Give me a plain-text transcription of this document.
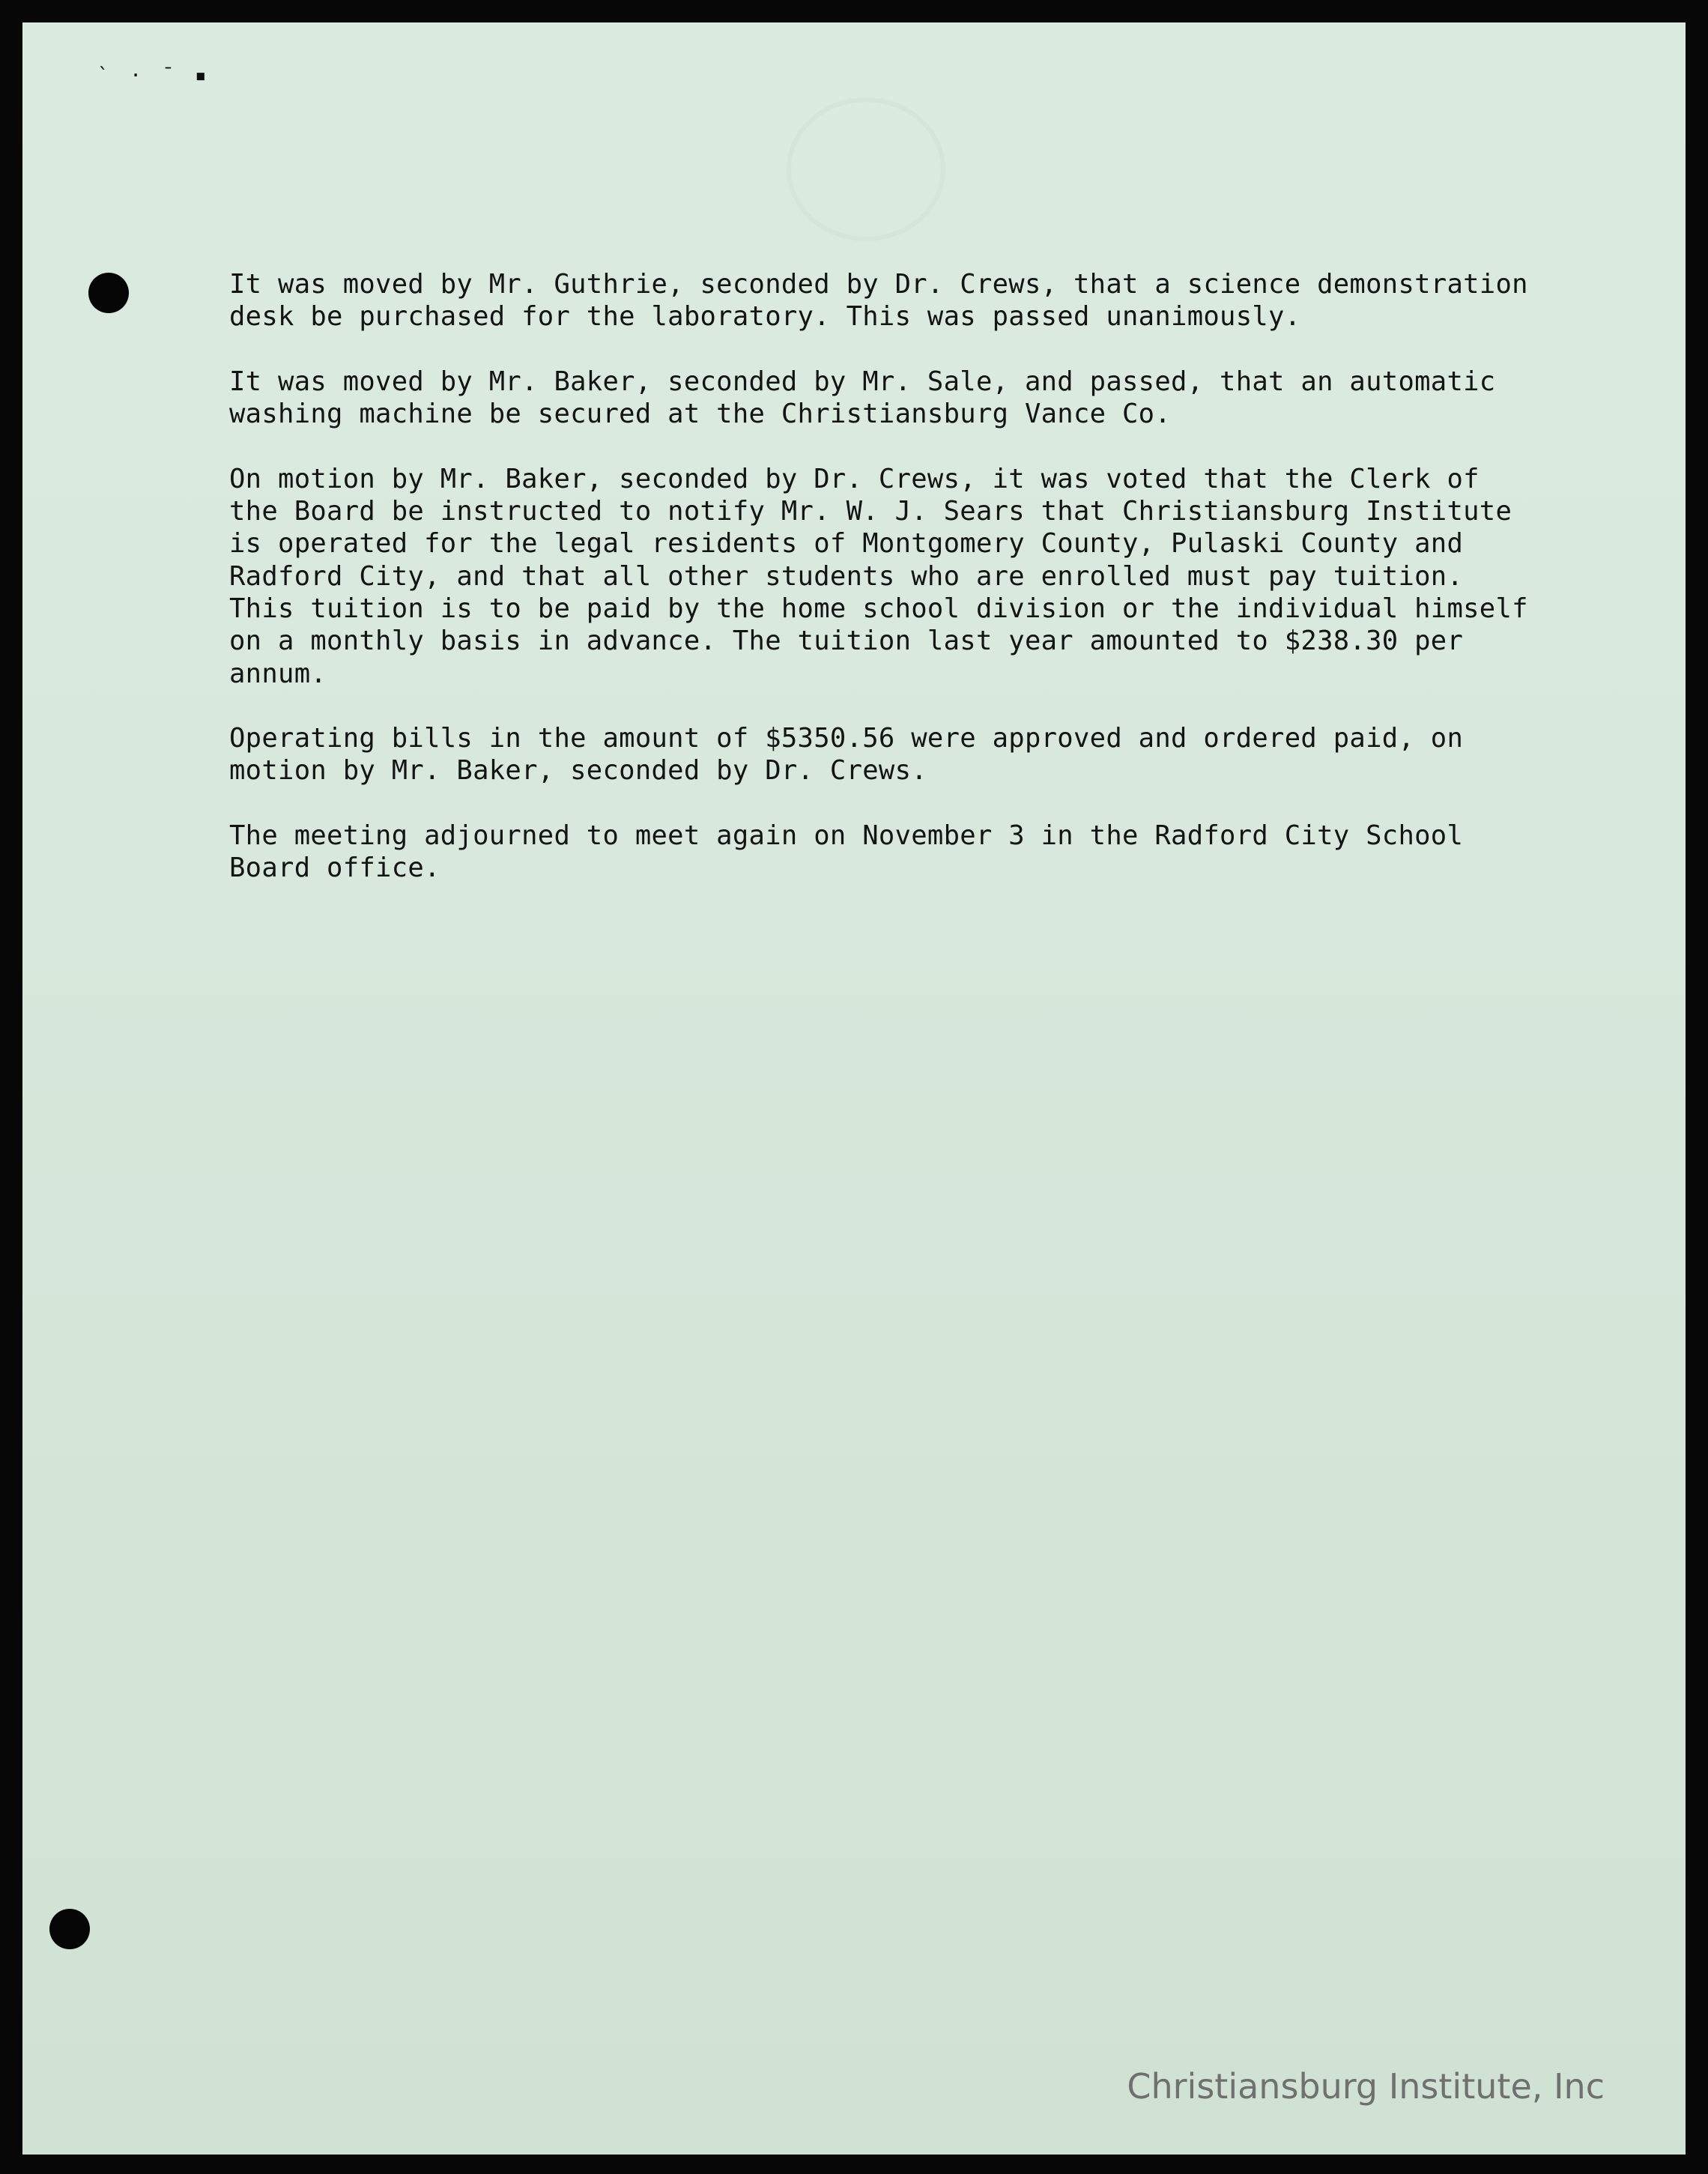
` · ˉ ▪

It was moved by Mr. Guthrie, seconded by Dr. Crews, that a science demonstration
desk be purchased for the laboratory. This was passed unanimously.

It was moved by Mr. Baker, seconded by Mr. Sale, and passed, that an automatic
washing machine be secured at the Christiansburg Vance Co.

On motion by Mr. Baker, seconded by Dr. Crews, it was voted that the Clerk of
the Board be instructed to notify Mr. W. J. Sears that Christiansburg Institute
is operated for the legal residents of Montgomery County, Pulaski County and
Radford City, and that all other students who are enrolled must pay tuition.
This tuition is to be paid by the home school division or the individual himself
on a monthly basis in advance. The tuition last year amounted to $238.30 per
annum.

Operating bills in the amount of $5350.56 were approved and ordered paid, on
motion by Mr. Baker, seconded by Dr. Crews.

The meeting adjourned to meet again on November 3 in the Radford City School
Board office.

Christiansburg Institute, Inc
